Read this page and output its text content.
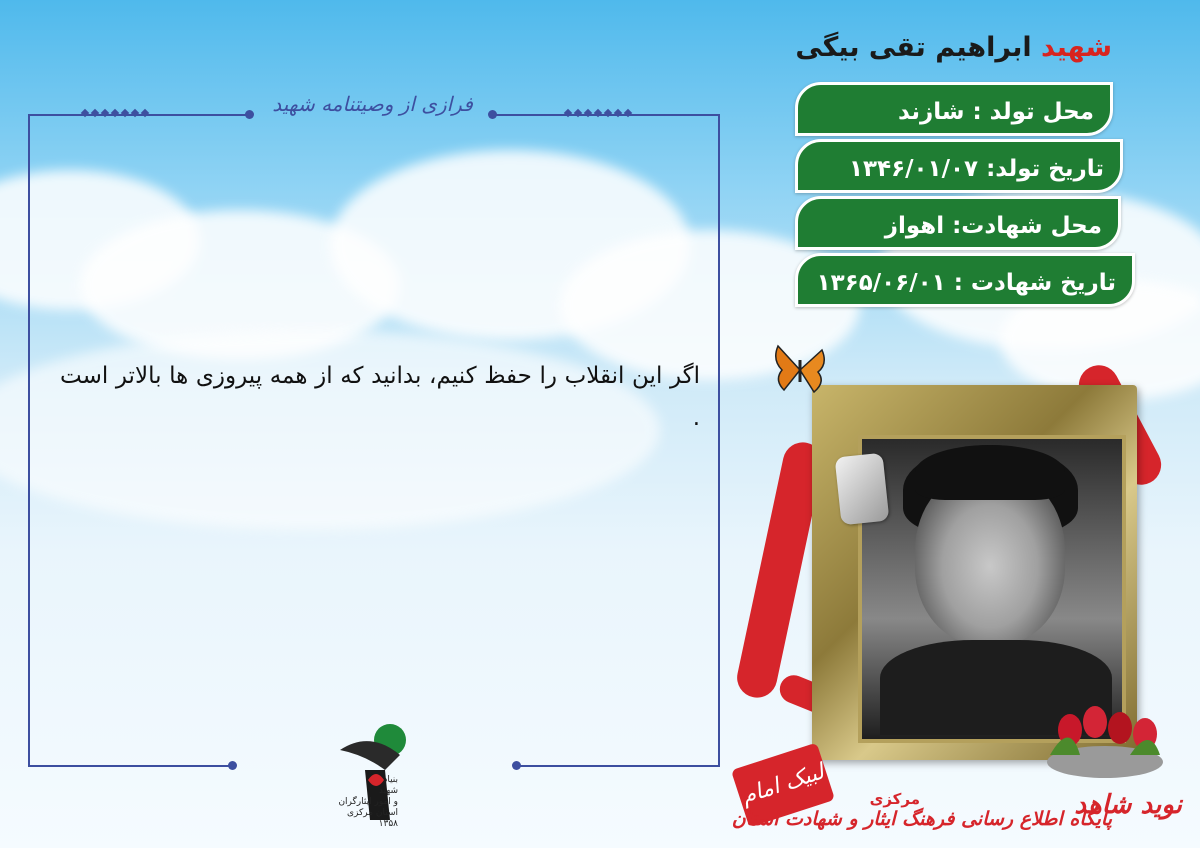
فرازی از وصیتنامه شهید
اگر این انقلاب را حفظ کنیم، بدانید که از همه پیروزی ها بالاتر است .
شهید ابراهیم تقی بیگی
محل تولد : شازند
تاریخ تولد: ۱۳۴۶/۰۱/۰۷
محل شهادت: اهواز
تاریخ شهادت : ۱۳۶۵/۰۶/۰۱
لبیک امام
پایگاه اطلاع رسانی فرهنگ ایثار و شهادت استان
مرکزی	نوید شاهد
بنیاد
شهید
و امور ایثارگران
استان مرکزی
۱۳۵۸
